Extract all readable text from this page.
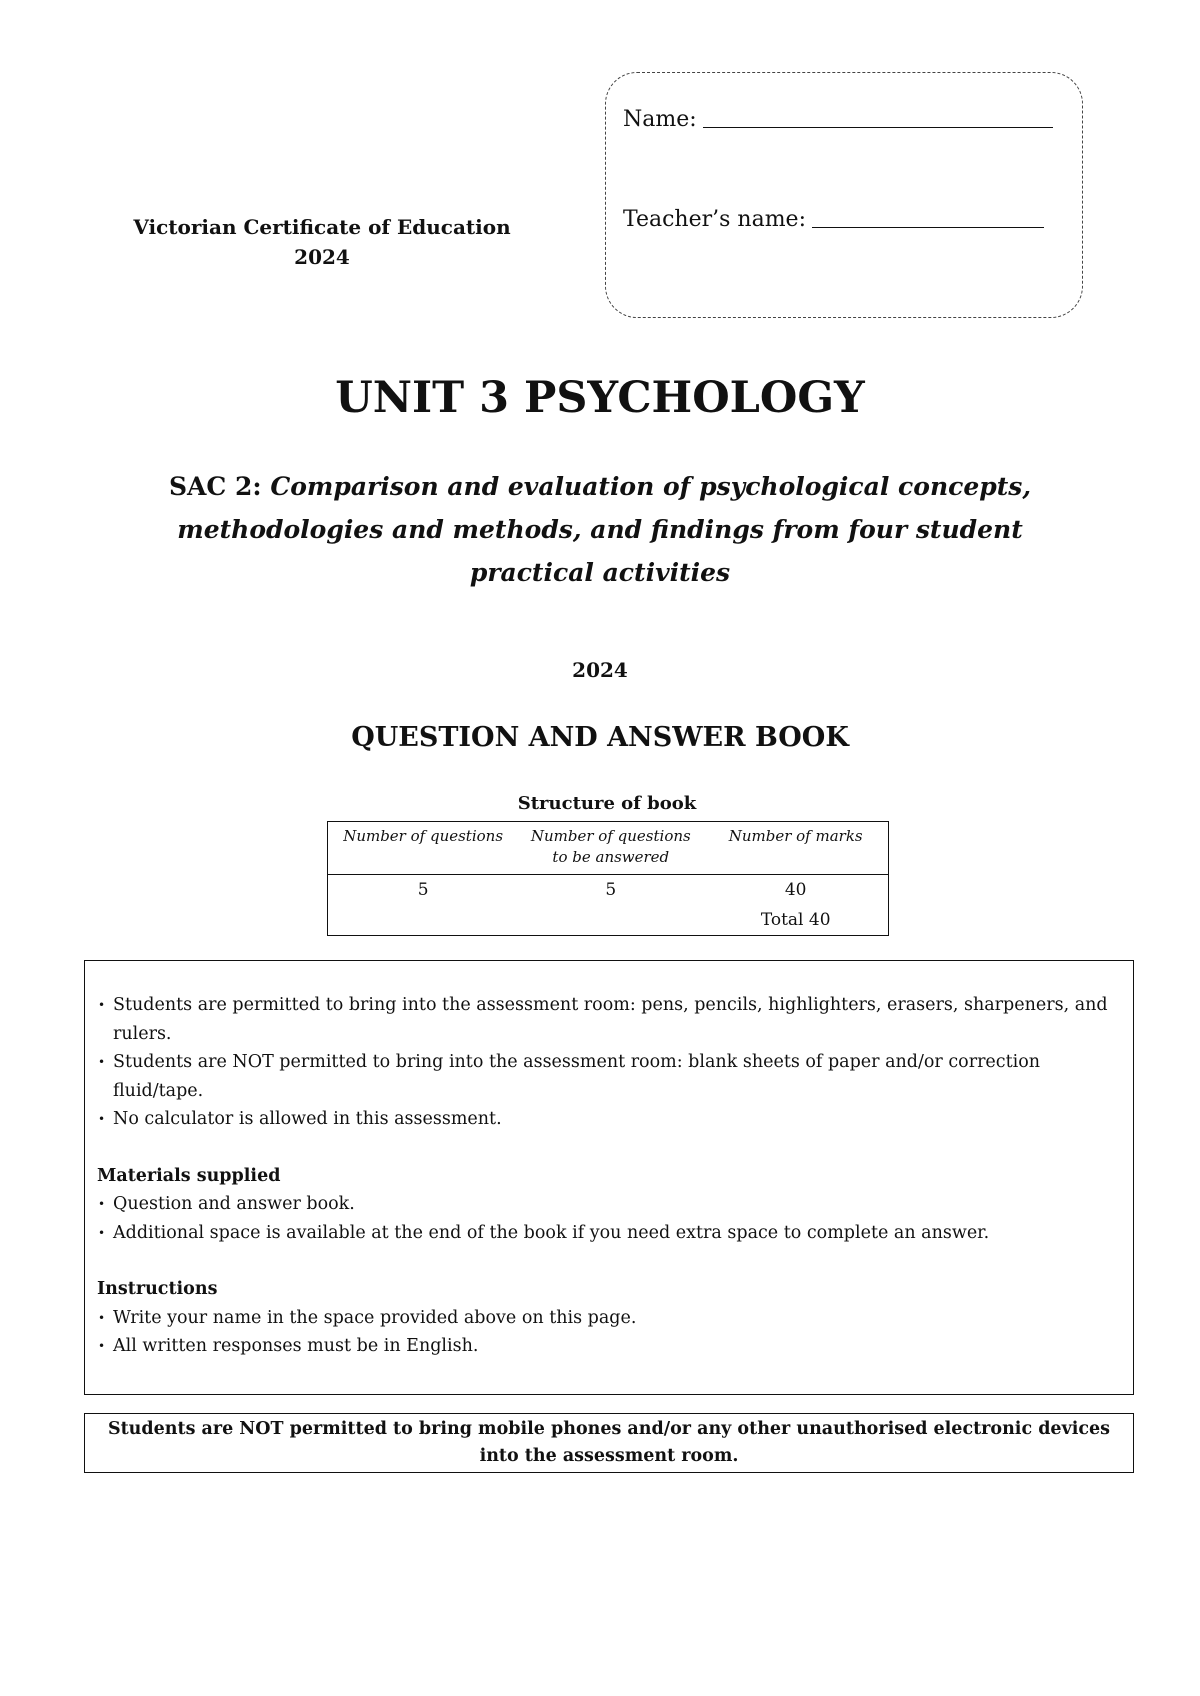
Victorian Certificate of Education
2024
Name:
Teacher’s name:
UNIT 3 PSYCHOLOGY
SAC 2: Comparison and evaluation of psychological concepts, methodologies and methods, and findings from four student practical activities
2024
QUESTION AND ANSWER BOOK
Structure of book
Number of questions	Number of questions to be answered	Number of marks
5	5	40
		Total 40
• Students are permitted to bring into the assessment room: pens, pencils, highlighters, erasers, sharpeners, and rulers.
• Students are NOT permitted to bring into the assessment room: blank sheets of paper and/or correction fluid/tape.
• No calculator is allowed in this assessment.
Materials supplied
• Question and answer book.
• Additional space is available at the end of the book if you need extra space to complete an answer.
Instructions
• Write your name in the space provided above on this page.
• All written responses must be in English.
Students are NOT permitted to bring mobile phones and/or any other unauthorised electronic devices into the assessment room.
